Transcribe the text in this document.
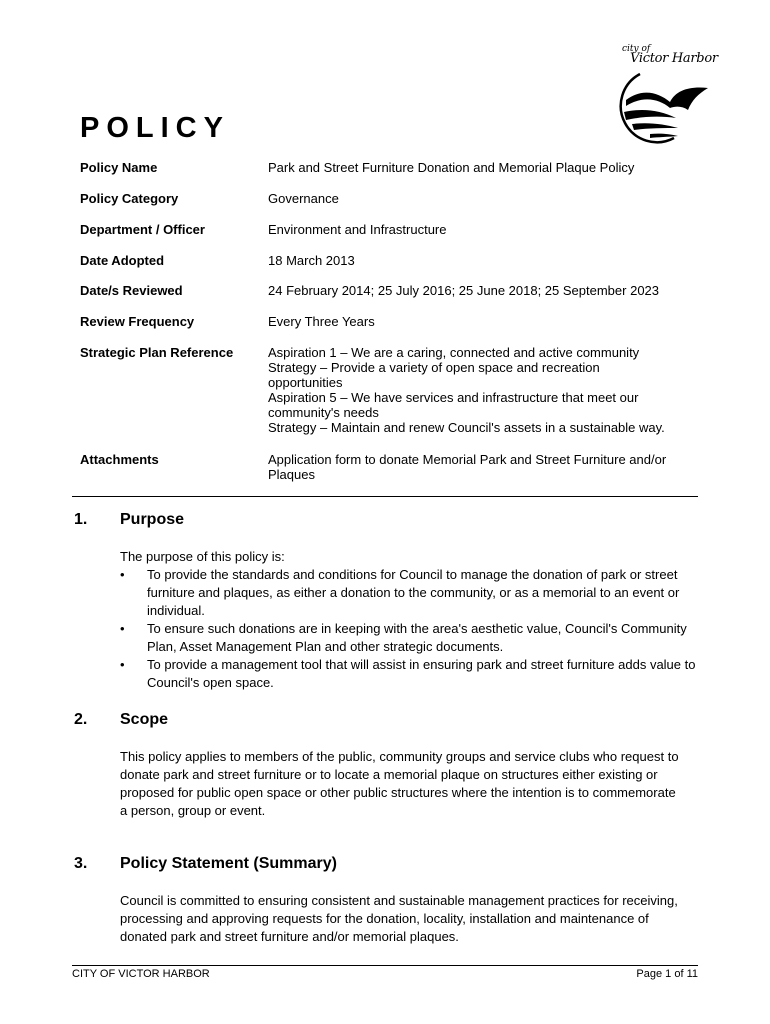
city of
Victor Harbor
POLICY
Policy Name	Park and Street Furniture Donation and Memorial Plaque Policy
Policy Category	Governance
Department / Officer	Environment and Infrastructure
Date Adopted	18 March 2013
Date/s Reviewed	24 February 2014; 25 July 2016; 25 June 2018; 25 September 2023
Review Frequency	Every Three Years
Strategic Plan Reference	Aspiration 1 – We are a caring, connected and active community
Strategy – Provide a variety of open space and recreation opportunities
Aspiration 5 – We have services and infrastructure that meet our community's needs
Strategy – Maintain and renew Council's assets in a sustainable way.
Attachments	Application form to donate Memorial Park and Street Furniture and/or Plaques
1. Purpose
The purpose of this policy is:
• To provide the standards and conditions for Council to manage the donation of park or street furniture and plaques, as either a donation to the community, or as a memorial to an event or individual.
• To ensure such donations are in keeping with the area's aesthetic value, Council's Community Plan, Asset Management Plan and other strategic documents.
• To provide a management tool that will assist in ensuring park and street furniture adds value to Council's open space.
2. Scope
This policy applies to members of the public, community groups and service clubs who request to donate park and street furniture or to locate a memorial plaque on structures either existing or proposed for public open space or other public structures where the intention is to commemorate a person, group or event.
3. Policy Statement (Summary)
Council is committed to ensuring consistent and sustainable management practices for receiving, processing and approving requests for the donation, locality, installation and maintenance of donated park and street furniture and/or memorial plaques.
CITY OF VICTOR HARBOR	Page 1 of 11
